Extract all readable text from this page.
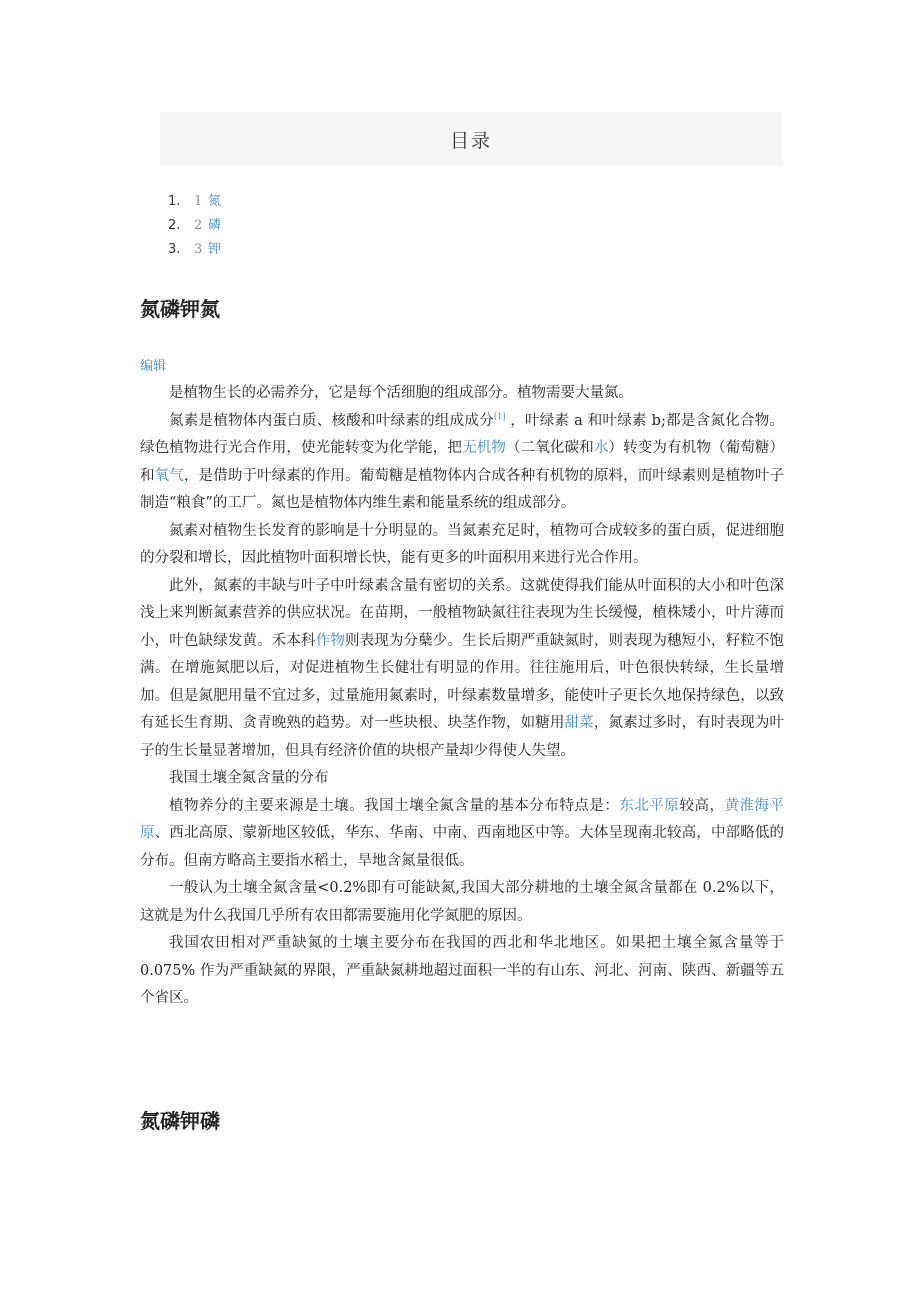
目录
1.	1 氮
2.	2 磷
3.	3 钾
氮磷钾氮
编辑

是植物生长的必需养分，它是每个活细胞的组成部分。植物需要大量氮。

氮素是植物体内蛋白质、核酸和叶绿素的组成成分[1] ，叶绿素 a 和叶绿素 b;都是含氮化合物。绿色植物进行光合作用，使光能转变为化学能，把无机物（二氧化碳和水）转变为有机物（葡萄糖）和氧气，是借助于叶绿素的作用。葡萄糖是植物体内合成各种有机物的原料，而叶绿素则是植物叶子制造“粮食”的工厂。氮也是植物体内维生素和能量系统的组成部分。

氮素对植物生长发育的影响是十分明显的。当氮素充足时，植物可合成较多的蛋白质，促进细胞的分裂和增长，因此植物叶面积增长快，能有更多的叶面积用来进行光合作用。

此外，氮素的丰缺与叶子中叶绿素含量有密切的关系。这就使得我们能从叶面积的大小和叶色深浅上来判断氮素营养的供应状况。在苗期，一般植物缺氮往往表现为生长缓慢，植株矮小，叶片薄而小，叶色缺绿发黄。禾本科作物则表现为分蘖少。生长后期严重缺氮时，则表现为穗短小，籽粒不饱满。在增施氮肥以后，对促进植物生长健壮有明显的作用。往往施用后，叶色很快转绿，生长量增加。但是氮肥用量不宜过多，过量施用氮素时，叶绿素数量增多，能使叶子更长久地保持绿色，以致有延长生育期、贪青晚熟的趋势。对一些块根、块茎作物，如糖用甜菜，氮素过多时，有时表现为叶子的生长量显著增加，但具有经济价值的块根产量却少得使人失望。

我国土壤全氮含量的分布

植物养分的主要来源是土壤。我国土壤全氮含量的基本分布特点是：东北平原较高，黄淮海平原、西北高原、蒙新地区较低，华东、华南、中南、西南地区中等。大体呈现南北较高，中部略低的分布。但南方略高主要指水稻土，旱地含氮量很低。

一般认为土壤全氮含量<0.2%即有可能缺氮,我国大部分耕地的土壤全氮含量都在 0.2%以下，这就是为什么我国几乎所有农田都需要施用化学氮肥的原因。

我国农田相对严重缺氮的土壤主要分布在我国的西北和华北地区。如果把土壤全氮含量等于 0.075% 作为严重缺氮的界限，严重缺氮耕地超过面积一半的有山东、河北、河南、陕西、新疆等五个省区。

氮磷钾磷
